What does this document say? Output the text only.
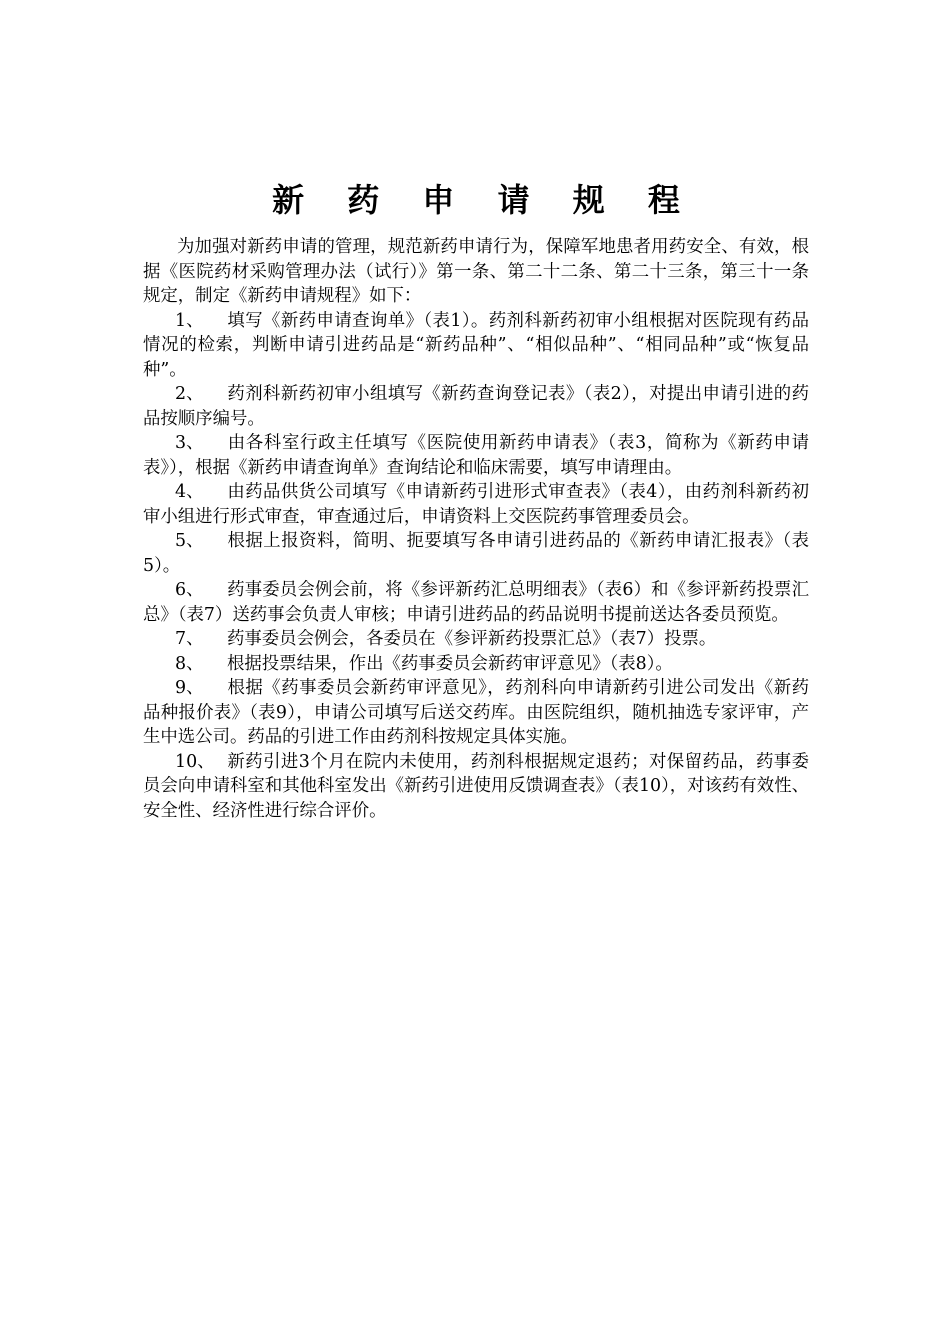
新 药 申 请 规 程

为加强对新药申请的管理，规范新药申请行为，保障军地患者用药安全、有效，根据《医院药材采购管理办法（试行）》第一条、第二十二条、第二十三条，第三十一条规定，制定《新药申请规程》如下：

1、 填写《新药申请查询单》（表1）。药剂科新药初审小组根据对医院现有药品情况的检索，判断申请引进药品是“新药品种”、“相似品种”、“相同品种”或“恢复品种”。

2、 药剂科新药初审小组填写《新药查询登记表》（表2），对提出申请引进的药品按顺序编号。

3、 由各科室行政主任填写《医院使用新药申请表》（表3，简称为《新药申请表》），根据《新药申请查询单》查询结论和临床需要，填写申请理由。

4、 由药品供货公司填写《申请新药引进形式审查表》（表4），由药剂科新药初审小组进行形式审查，审查通过后，申请资料上交医院药事管理委员会。

5、 根据上报资料，简明、扼要填写各申请引进药品的《新药申请汇报表》（表5）。

6、 药事委员会例会前，将《参评新药汇总明细表》（表6）和《参评新药投票汇总》（表7）送药事会负责人审核；申请引进药品的药品说明书提前送达各委员预览。

7、 药事委员会例会，各委员在《参评新药投票汇总》（表7）投票。

8、 根据投票结果，作出《药事委员会新药审评意见》（表8）。

9、 根据《药事委员会新药审评意见》，药剂科向申请新药引进公司发出《新药品种报价表》（表9），申请公司填写后送交药库。由医院组织，随机抽选专家评审，产生中选公司。药品的引进工作由药剂科按规定具体实施。

10、 新药引进3个月在院内未使用，药剂科根据规定退药；对保留药品，药事委员会向申请科室和其他科室发出《新药引进使用反馈调查表》（表10），对该药有效性、安全性、经济性进行综合评价。
